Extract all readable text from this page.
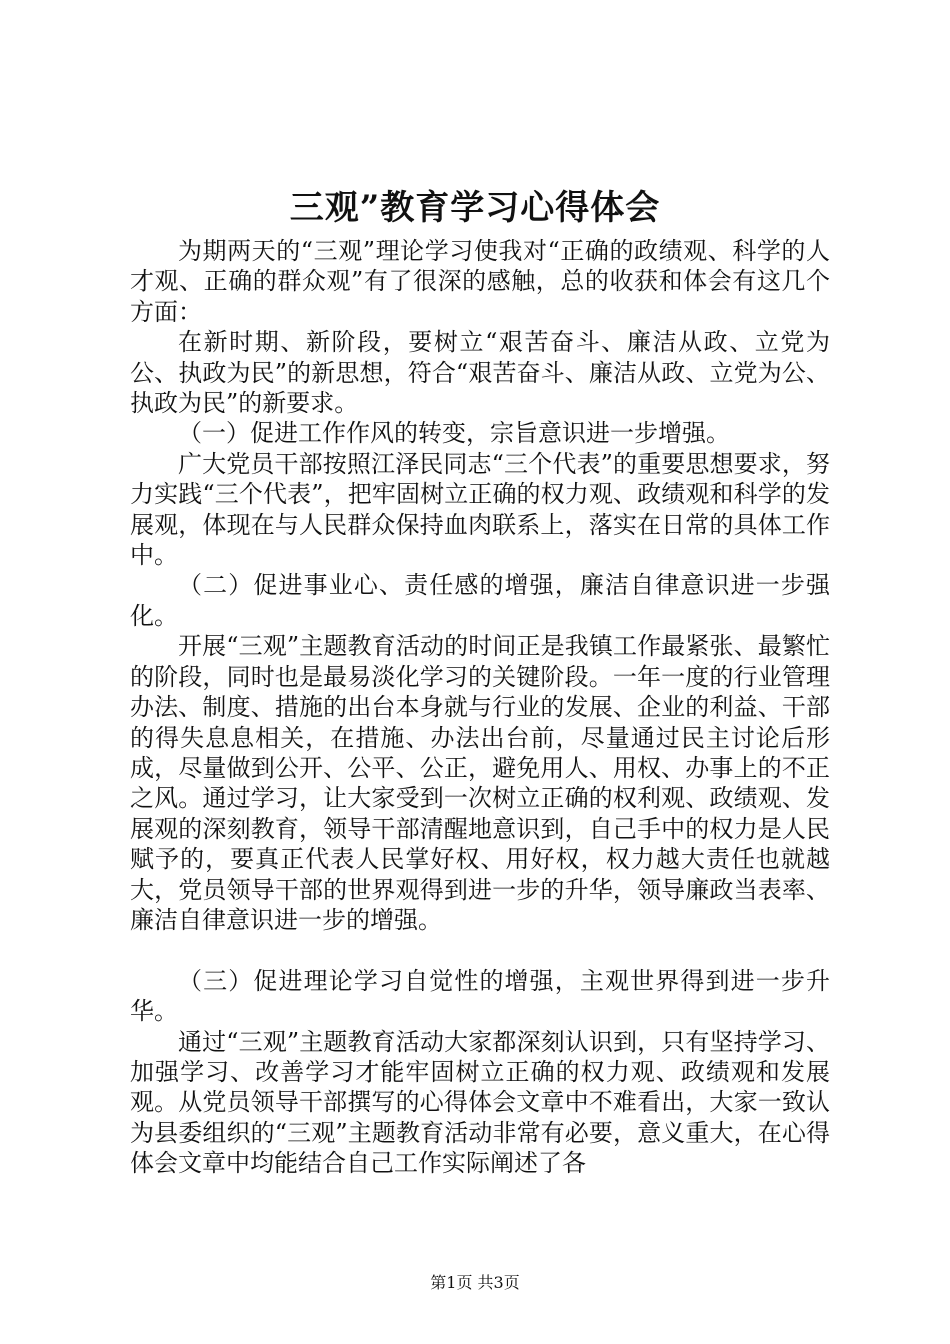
三观”教育学习心得体会

为期两天的“三观”理论学习使我对“正确的政绩观、科学的人才观、正确的群众观”有了很深的感触，总的收获和体会有这几个方面：

在新时期、新阶段，要树立“艰苦奋斗、廉洁从政、立党为公、执政为民”的新思想，符合“艰苦奋斗、廉洁从政、立党为公、执政为民”的新要求。

（一）促进工作作风的转变，宗旨意识进一步增强。

广大党员干部按照江泽民同志“三个代表”的重要思想要求，努力实践“三个代表”，把牢固树立正确的权力观、政绩观和科学的发展观，体现在与人民群众保持血肉联系上，落实在日常的具体工作中。

（二）促进事业心、责任感的增强，廉洁自律意识进一步强化。

开展“三观”主题教育活动的时间正是我镇工作最紧张、最繁忙的阶段，同时也是最易淡化学习的关键阶段。一年一度的行业管理办法、制度、措施的出台本身就与行业的发展、企业的利益、干部的得失息息相关，在措施、办法出台前，尽量通过民主讨论后形成，尽量做到公开、公平、公正，避免用人、用权、办事上的不正之风。通过学习，让大家受到一次树立正确的权利观、政绩观、发展观的深刻教育，领导干部清醒地意识到，自己手中的权力是人民赋予的，要真正代表人民掌好权、用好权，权力越大责任也就越大，党员领导干部的世界观得到进一步的升华，领导廉政当表率、廉洁自律意识进一步的增强。

（三）促进理论学习自觉性的增强，主观世界得到进一步升华。

通过“三观”主题教育活动大家都深刻认识到，只有坚持学习、加强学习、改善学习才能牢固树立正确的权力观、政绩观和发展观。从党员领导干部撰写的心得体会文章中不难看出，大家一致认为县委组织的“三观”主题教育活动非常有必要，意义重大，在心得体会文章中均能结合自己工作实际阐述了各

第1页 共3页
